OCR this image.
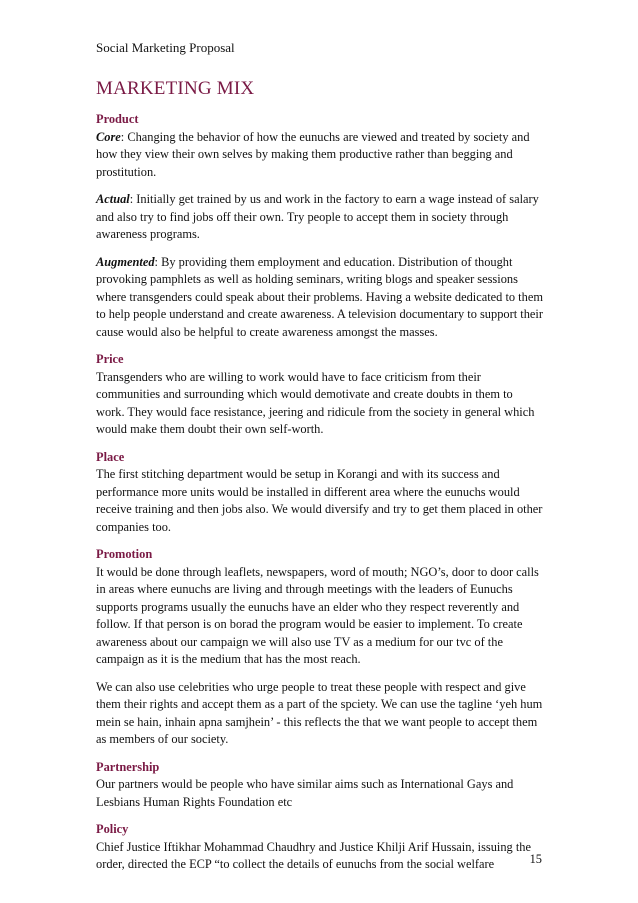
Social Marketing Proposal
MARKETING MIX

Product

Core: Changing the behavior of how the eunuchs are viewed and treated by society and how they view their own selves by making them productive rather than begging and prostitution.

Actual: Initially get trained by us and work in the factory to earn a wage instead of salary and also try to find jobs off their own. Try people to accept them in society through awareness programs.

Augmented: By providing them employment and education. Distribution of thought provoking pamphlets as well as holding seminars, writing blogs and speaker sessions where transgenders could speak about their problems. Having a website dedicated to them to help people understand and create awareness. A television documentary to support their cause would also be helpful to create awareness amongst the masses.

Price

Transgenders who are willing to work would have to face criticism from their communities and surrounding which would demotivate and create doubts in them to work. They would face resistance, jeering and ridicule from the society in general which would make them doubt their own self-worth.

Place

The first stitching department would be setup in Korangi and with its success and performance more units would be installed in different area where the eunuchs would receive training and then jobs also. We would diversify and try to get them placed in other companies too.

Promotion

It would be done through leaflets, newspapers, word of mouth; NGO’s, door to door calls in areas where eunuchs are living and through meetings with the leaders of Eunuchs supports programs usually the eunuchs have an elder who they respect reverently and follow. If that person is on borad the program would be easier to implement. To create awareness about our campaign we will also use TV as a medium for our tvc of the campaign as it is the medium that has the most reach.

We can also use celebrities who urge people to treat these people with respect and give them their rights and accept them as a part of the spciety. We can use the tagline ‘yeh hum mein se hain, inhain apna samjhein’ - this reflects the that we want people to accept them as members of our society.

Partnership

Our partners would be people who have similar aims such as International Gays and Lesbians Human Rights Foundation etc

Policy

Chief Justice Iftikhar Mohammad Chaudhry and Justice Khilji Arif Hussain, issuing the order, directed the ECP “to collect the details of eunuchs from the social welfare	15
